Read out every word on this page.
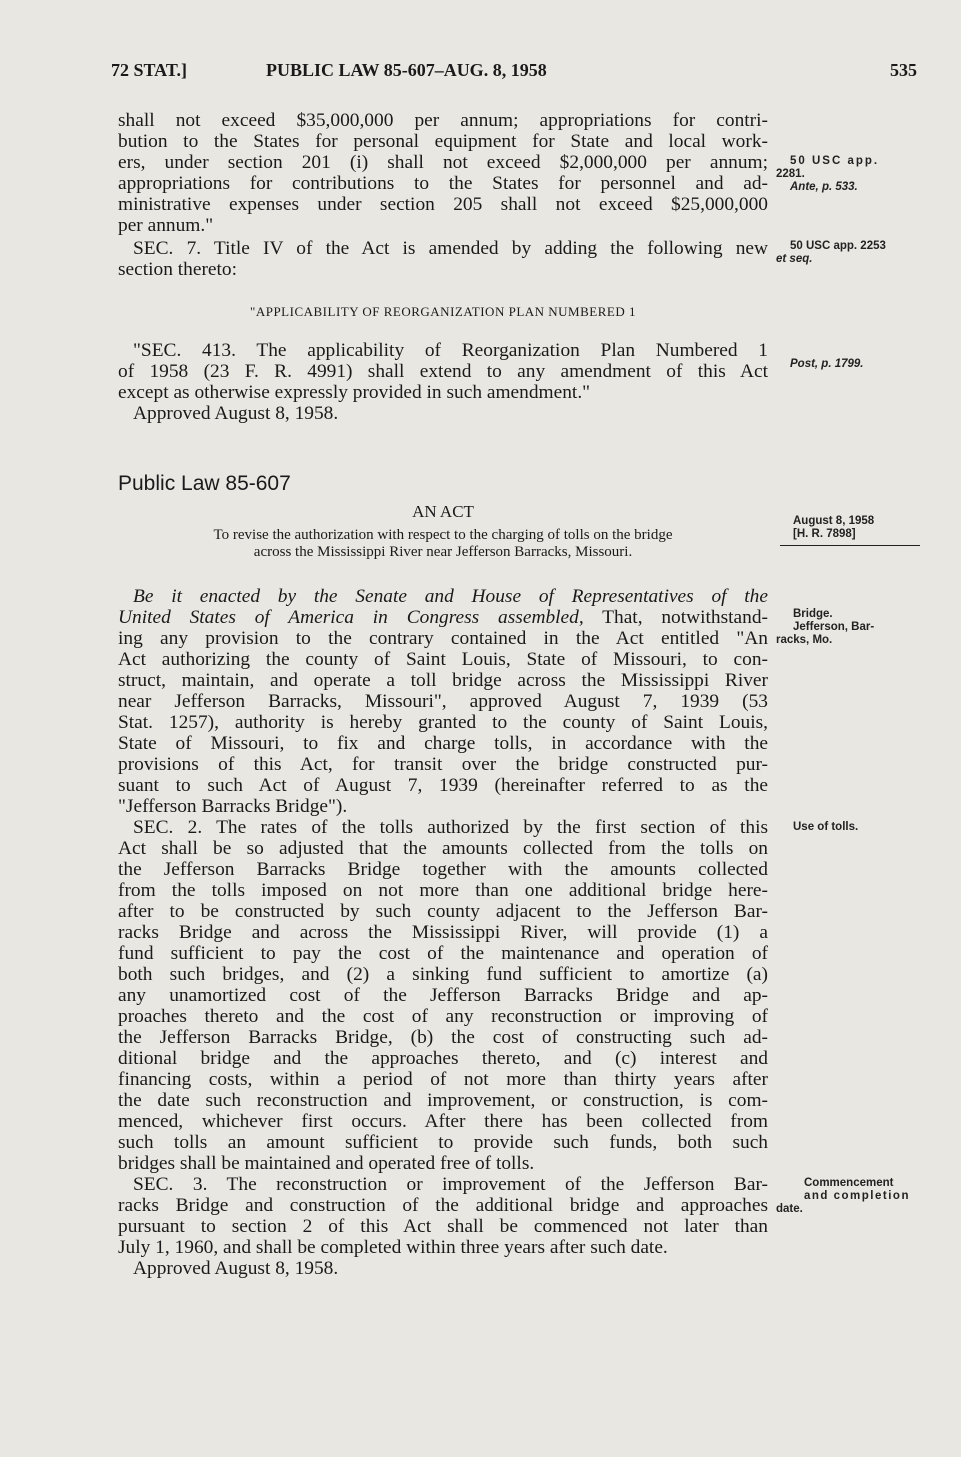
72 STAT.]	PUBLIC LAW 85-607–AUG. 8, 1958	535
shall not exceed $35,000,000 per annum; appropriations for contri-
bution to the States for personal equipment for State and local work-
ers, under section 201 (i) shall not exceed $2,000,000 per annum;
appropriations for contributions to the States for personnel and ad-
ministrative expenses under section 205 shall not exceed $25,000,000
per annum."
SEC. 7. Title IV of the Act is amended by adding the following new
section thereto:
"APPLICABILITY OF REORGANIZATION PLAN NUMBERED 1
"SEC. 413. The applicability of Reorganization Plan Numbered 1
of 1958 (23 F. R. 4991) shall extend to any amendment of this Act
except as otherwise expressly provided in such amendment."
Approved August 8, 1958.
Public Law 85-607
AN ACT
To revise the authorization with respect to the charging of tolls on the bridge
across the Mississippi River near Jefferson Barracks, Missouri.
Be it enacted by the Senate and House of Representatives of the
United States of America in Congress assembled, That, notwithstand-
ing any provision to the contrary contained in the Act entitled "An
Act authorizing the county of Saint Louis, State of Missouri, to con-
struct, maintain, and operate a toll bridge across the Mississippi River
near Jefferson Barracks, Missouri", approved August 7, 1939 (53
Stat. 1257), authority is hereby granted to the county of Saint Louis,
State of Missouri, to fix and charge tolls, in accordance with the
provisions of this Act, for transit over the bridge constructed pur-
suant to such Act of August 7, 1939 (hereinafter referred to as the
"Jefferson Barracks Bridge").
SEC. 2. The rates of the tolls authorized by the first section of this
Act shall be so adjusted that the amounts collected from the tolls on
the Jefferson Barracks Bridge together with the amounts collected
from the tolls imposed on not more than one additional bridge here-
after to be constructed by such county adjacent to the Jefferson Bar-
racks Bridge and across the Mississippi River, will provide (1) a
fund sufficient to pay the cost of the maintenance and operation of
both such bridges, and (2) a sinking fund sufficient to amortize (a)
any unamortized cost of the Jefferson Barracks Bridge and ap-
proaches thereto and the cost of any reconstruction or improving of
the Jefferson Barracks Bridge, (b) the cost of constructing such ad-
ditional bridge and the approaches thereto, and (c) interest and
financing costs, within a period of not more than thirty years after
the date such reconstruction and improvement, or construction, is com-
menced, whichever first occurs. After there has been collected from
such tolls an amount sufficient to provide such funds, both such
bridges shall be maintained and operated free of tolls.
SEC. 3. The reconstruction or improvement of the Jefferson Bar-
racks Bridge and construction of the additional bridge and approaches
pursuant to section 2 of this Act shall be commenced not later than
July 1, 1960, and shall be completed within three years after such date.
Approved August 8, 1958.
50 USC app.
2281.
Ante, p. 533.
50 USC app. 2253
et seq.
Post, p. 1799.
August 8, 1958
[H. R. 7898]
Bridge.
Jefferson, Bar-
racks, Mo.
Use of tolls.
Commencement
and completion
date.
